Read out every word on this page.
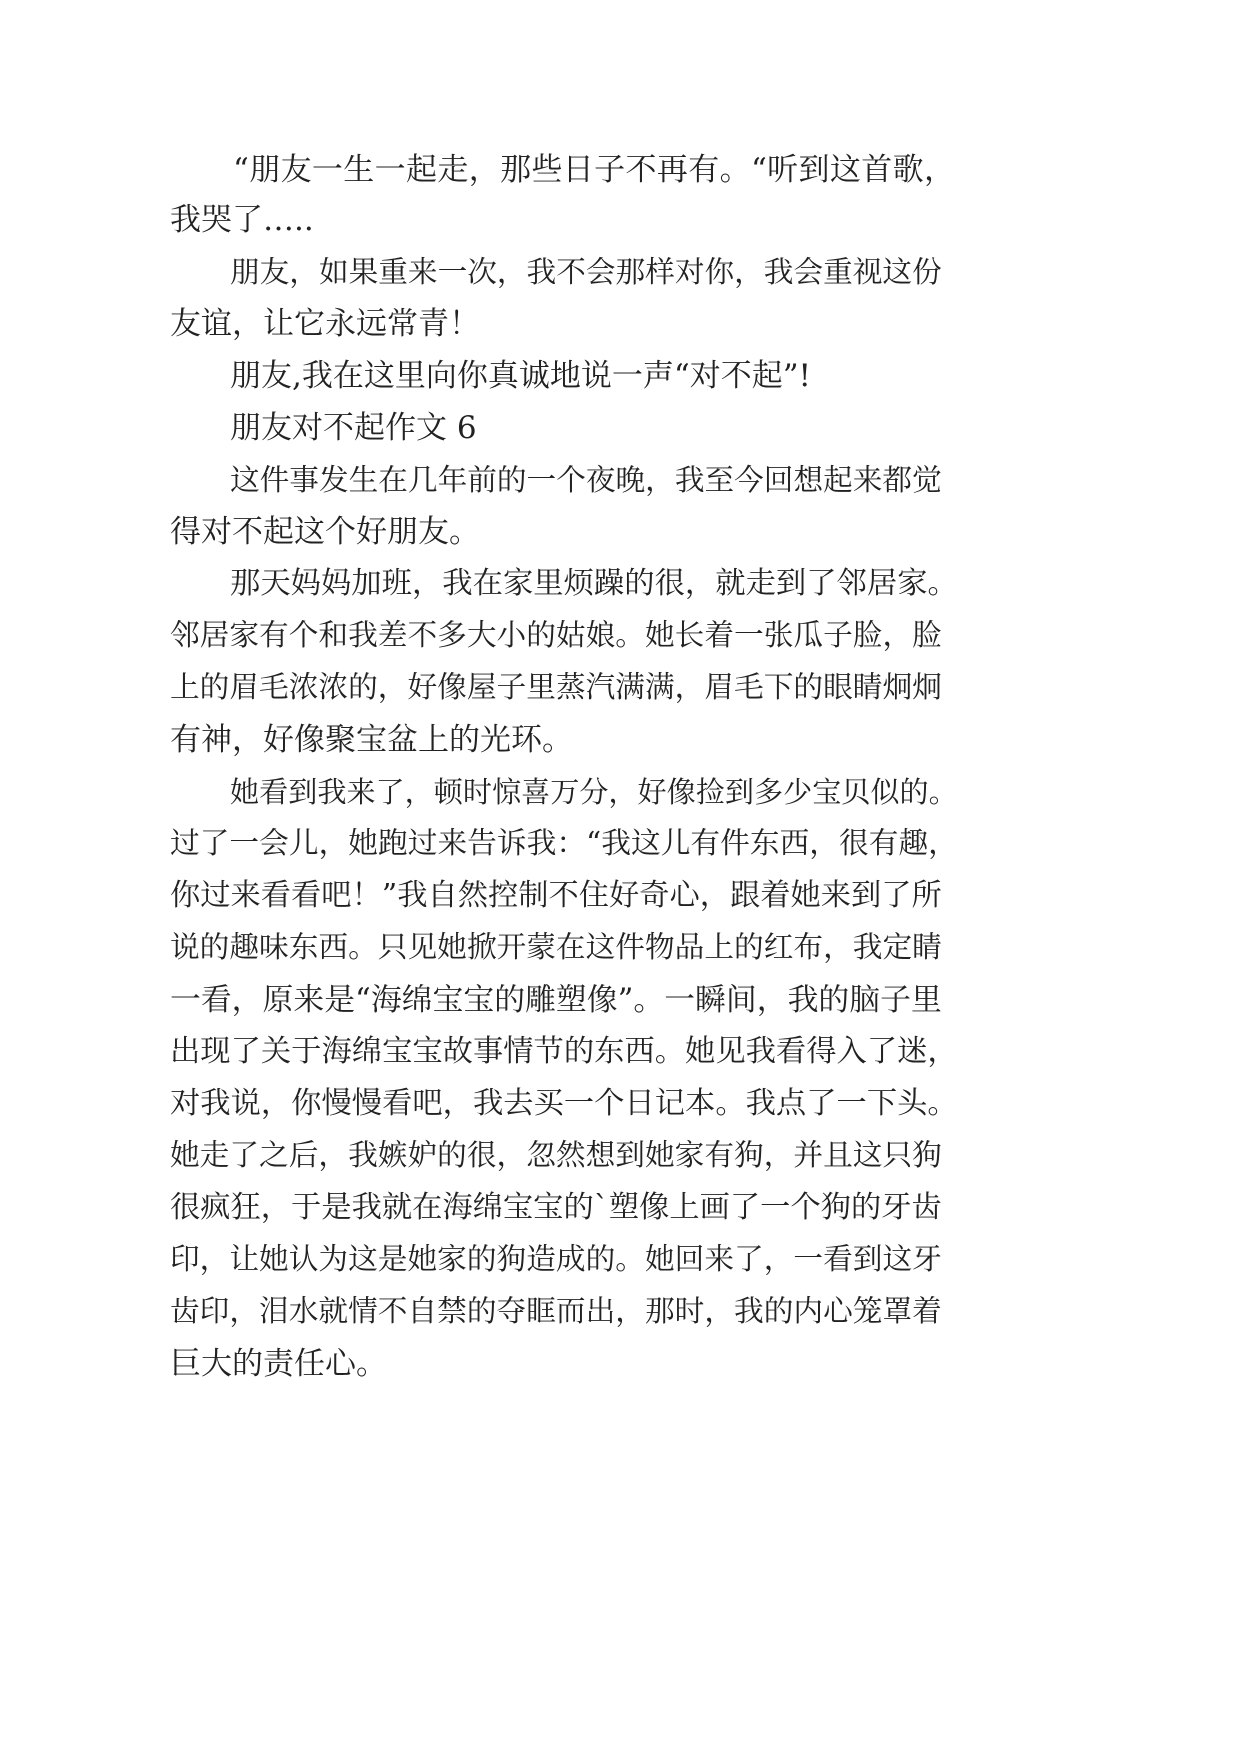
“朋友一生一起走，那些日子不再有。“听到这首歌，
我哭了…..
朋友，如果重来一次，我不会那样对你，我会重视这份
友谊，让它永远常青！
朋友,我在这里向你真诚地说一声“对不起”!
朋友对不起作文 6
这件事发生在几年前的一个夜晚，我至今回想起来都觉
得对不起这个好朋友。
那天妈妈加班，我在家里烦躁的很，就走到了邻居家。
邻居家有个和我差不多大小的姑娘。她长着一张瓜子脸，脸
上的眉毛浓浓的，好像屋子里蒸汽满满，眉毛下的眼睛炯炯
有神，好像聚宝盆上的光环。
她看到我来了，顿时惊喜万分，好像捡到多少宝贝似的。
过了一会儿，她跑过来告诉我：“我这儿有件东西，很有趣，
你过来看看吧！”我自然控制不住好奇心，跟着她来到了所
说的趣味东西。只见她掀开蒙在这件物品上的红布，我定睛
一看，原来是“海绵宝宝的雕塑像”。一瞬间，我的脑子里
出现了关于海绵宝宝故事情节的东西。她见我看得入了迷，
对我说，你慢慢看吧，我去买一个日记本。我点了一下头。
她走了之后，我嫉妒的很，忽然想到她家有狗，并且这只狗
很疯狂，于是我就在海绵宝宝的`塑像上画了一个狗的牙齿
印，让她认为这是她家的狗造成的。她回来了，一看到这牙
齿印，泪水就情不自禁的夺眶而出，那时，我的内心笼罩着
巨大的责任心。
